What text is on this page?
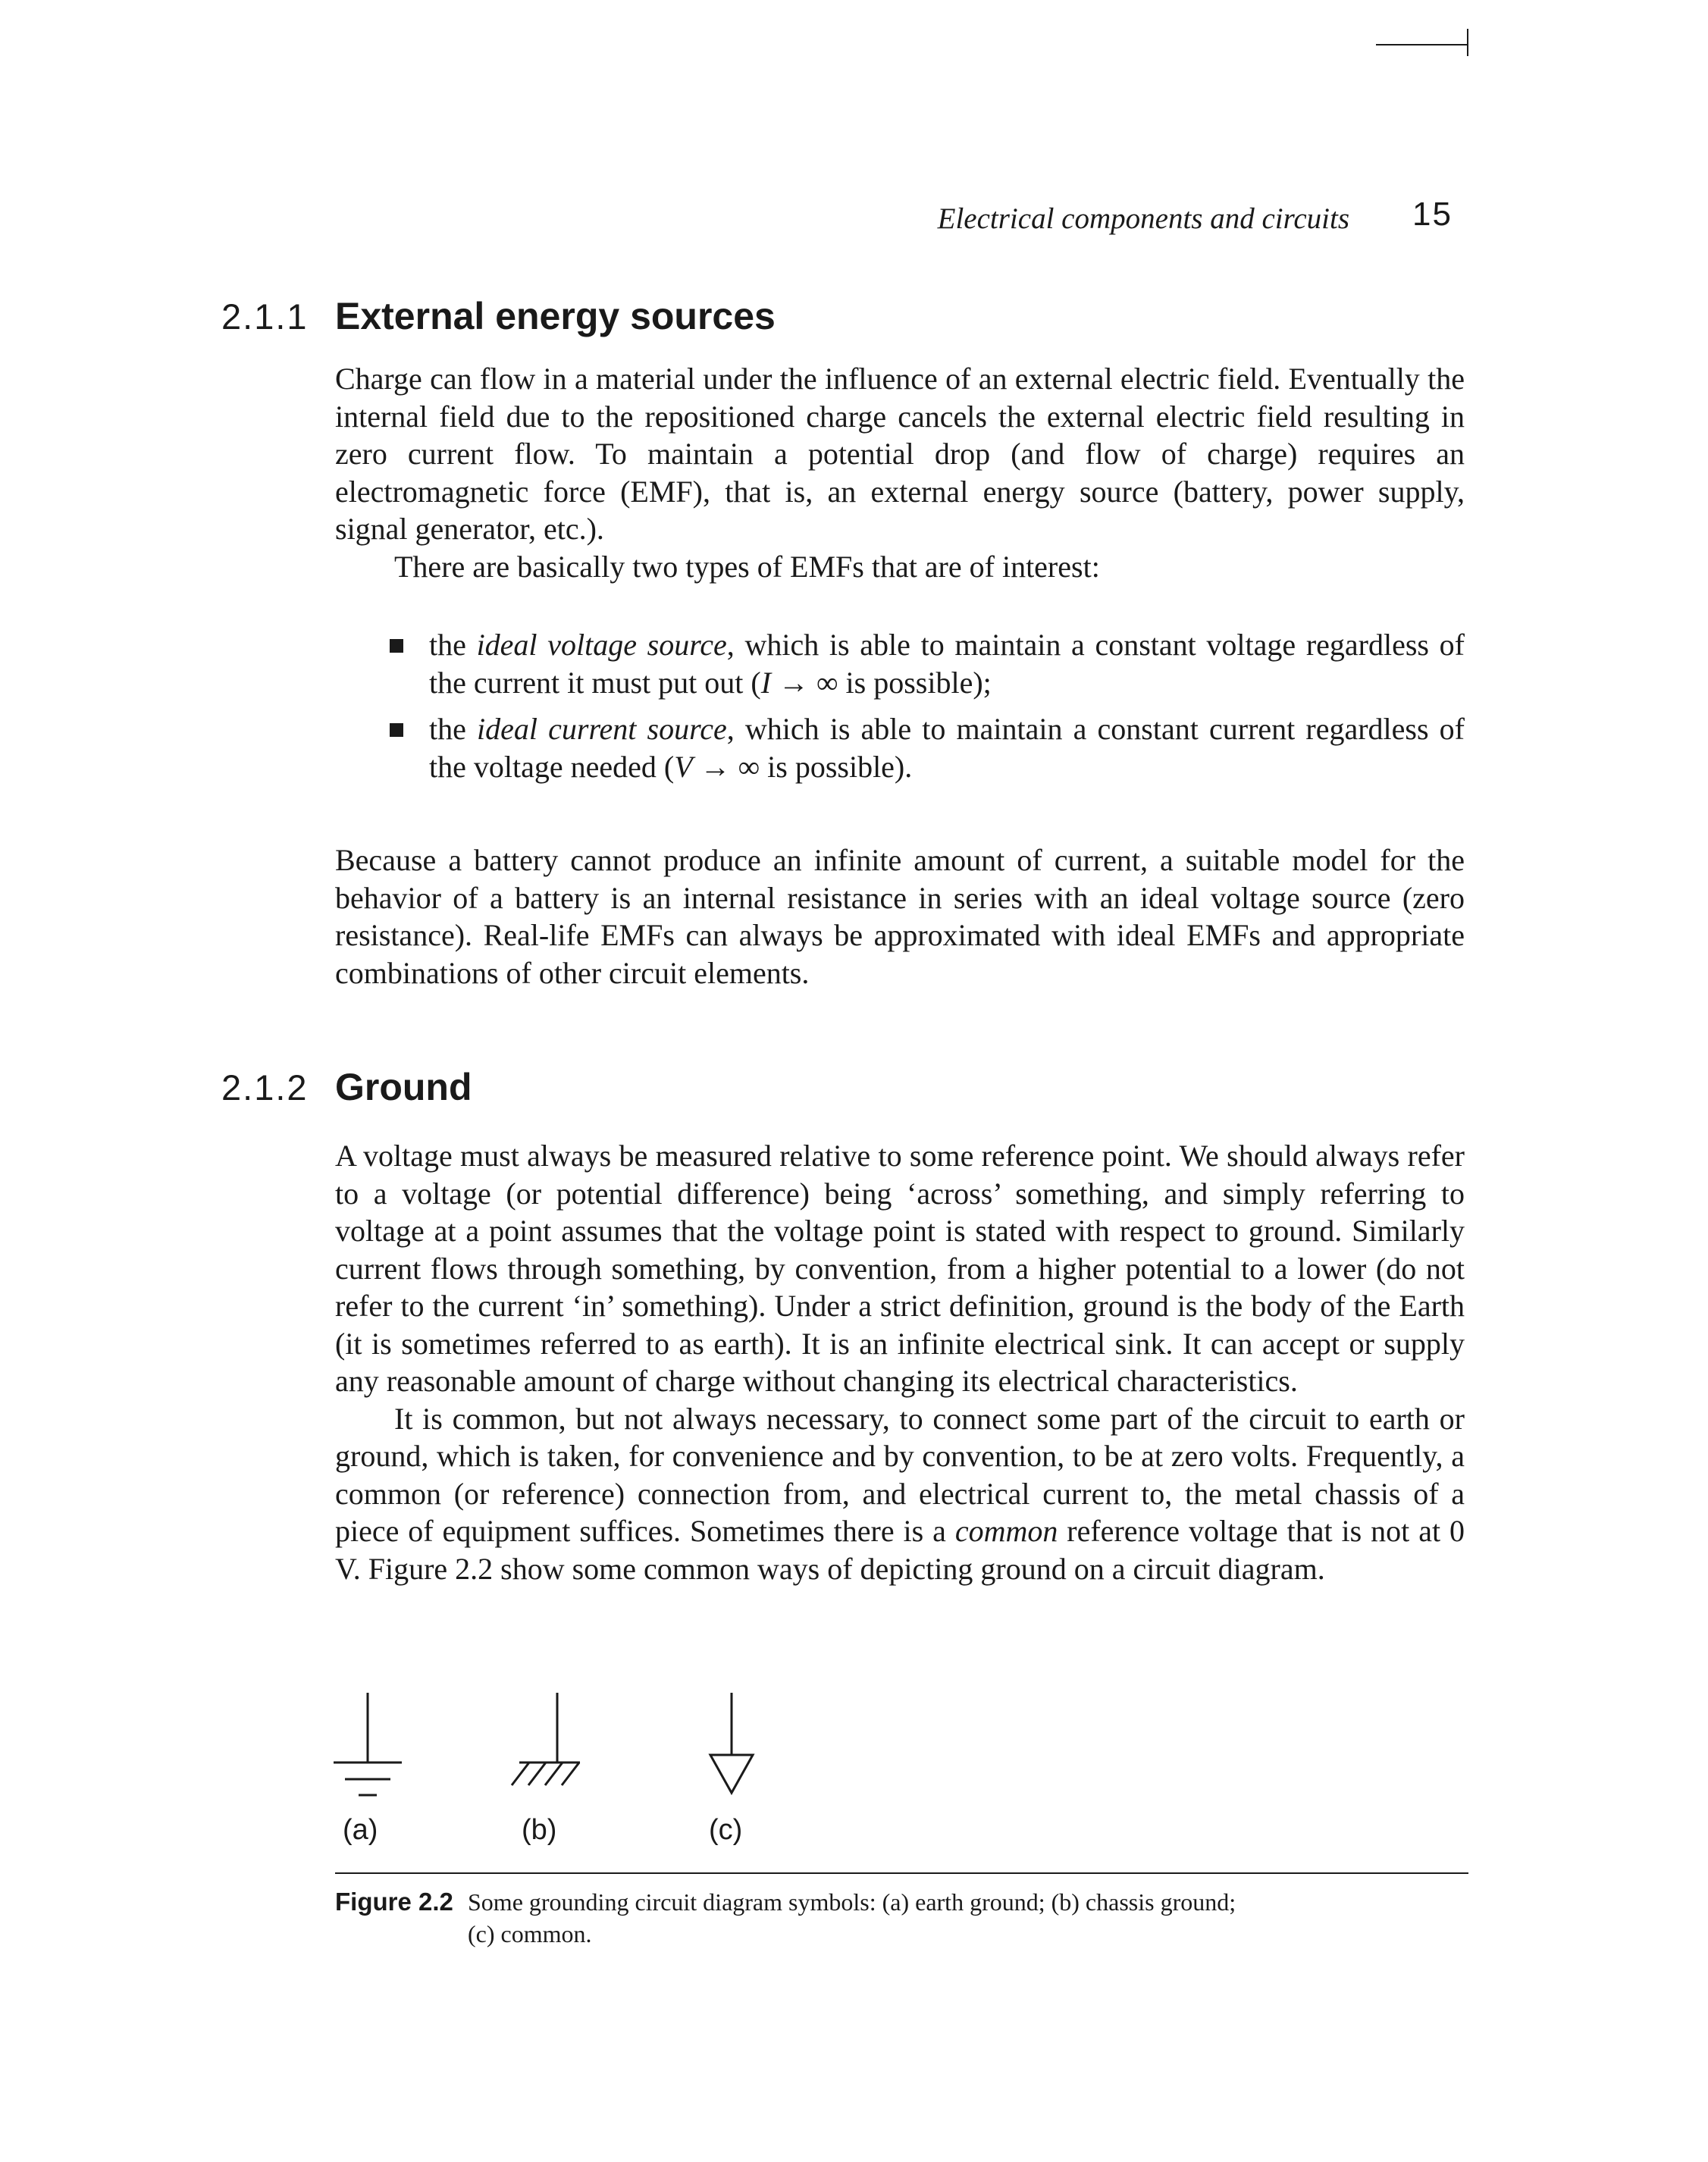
Electrical components and circuits 15
2.1.1 External energy sources

Charge can flow in a material under the influence of an external electric field. Eventually the internal field due to the repositioned charge cancels the external electric field resulting in zero current flow. To maintain a potential drop (and flow of charge) requires an electromagnetic force (EMF), that is, an external energy source (battery, power supply, signal generator, etc.).

There are basically two types of EMFs that are of interest:

the ideal voltage source, which is able to maintain a constant voltage regardless of the current it must put out (I → ∞ is possible);
the ideal current source, which is able to maintain a constant current regardless of the voltage needed (V → ∞ is possible).

Because a battery cannot produce an infinite amount of current, a suitable model for the behavior of a battery is an internal resistance in series with an ideal voltage source (zero resistance). Real-life EMFs can always be approximated with ideal EMFs and appropriate combinations of other circuit elements.

2.1.2 Ground

A voltage must always be measured relative to some reference point. We should always refer to a voltage (or potential difference) being ‘across’ something, and simply referring to voltage at a point assumes that the voltage point is stated with respect to ground. Similarly current flows through something, by convention, from a higher potential to a lower (do not refer to the current ‘in’ something). Under a strict definition, ground is the body of the Earth (it is sometimes referred to as earth). It is an infinite electrical sink. It can accept or supply any reasonable amount of charge without changing its electrical characteristics.

It is common, but not always necessary, to connect some part of the circuit to earth or ground, which is taken, for convenience and by convention, to be at zero volts. Frequently, a common (or reference) connection from, and electrical current to, the metal chassis of a piece of equipment suffices. Sometimes there is a common reference voltage that is not at 0 V. Figure 2.2 show some common ways of depicting ground on a circuit diagram.

(a)	(b)	(c)
Figure 2.2 Some grounding circuit diagram symbols: (a) earth ground; (b) chassis ground;
(c) common.
